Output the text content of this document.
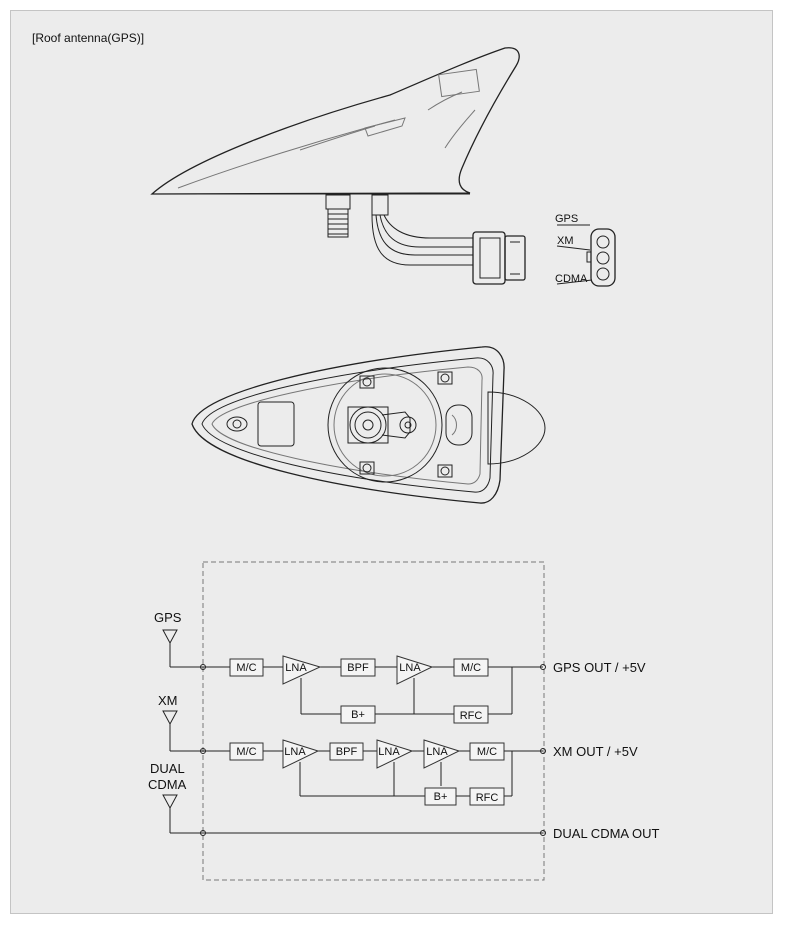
[Roof antenna(GPS)]
GPS
XM
CDMA
GPS
XM
DUAL
CDMA
M/C	LNA	BPF	LNA	M/C
B+	RFC
M/C	LNA	BPF LNA LNA	M/C
B+	RFC
GPS OUT / +5V
XM OUT / +5V
DUAL CDMA OUT
